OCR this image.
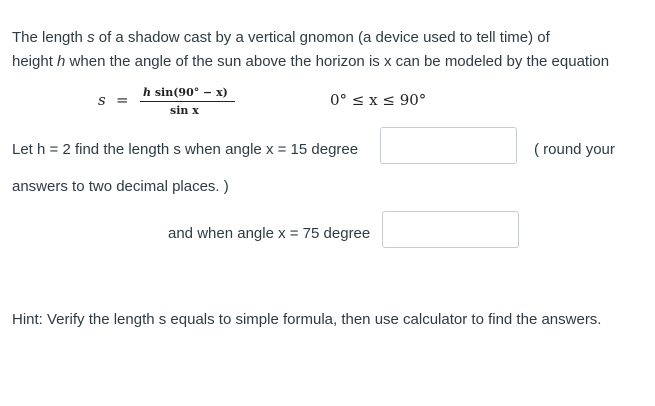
The length s of a shadow cast by a vertical gnomon (a device used to tell time) of
height h when the angle of the sun above the horizon is x can be modeled by the equation
s = h sin(90° − x)
sin x
0° ≤ x ≤ 90°
Let h = 2 find the length s when angle x = 15 degree	( round your
answers to two decimal places. )
and when angle x = 75 degree
Hint: Verify the length s equals to simple formula, then use calculator to find the answers.
